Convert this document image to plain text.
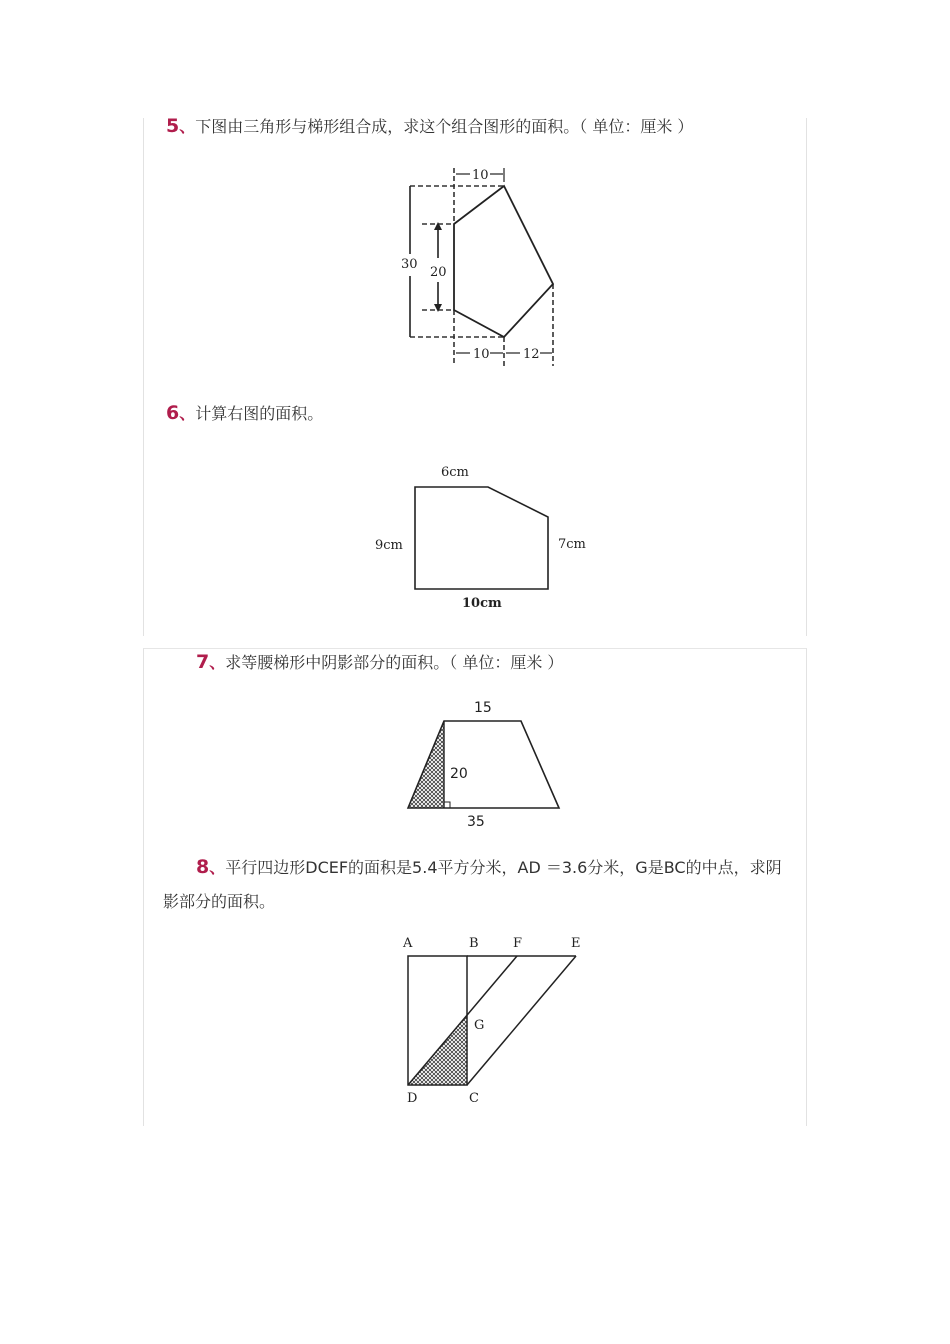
5、下图由三角形与梯形组合成，求这个组合图形的面积。（ 单位：厘米 ）
10
30
20
10	12
6、计算右图的面积。
6cm
9cm	7cm
10cm
7、求等腰梯形中阴影部分的面积。（ 单位：厘米 ）
15
20
35
8、平行四边形DCEF的面积是5.4平方分米，AD ＝3.6分米，G是BC的中点，求阴
影部分的面积。
A	B	F	E
G
D	C
